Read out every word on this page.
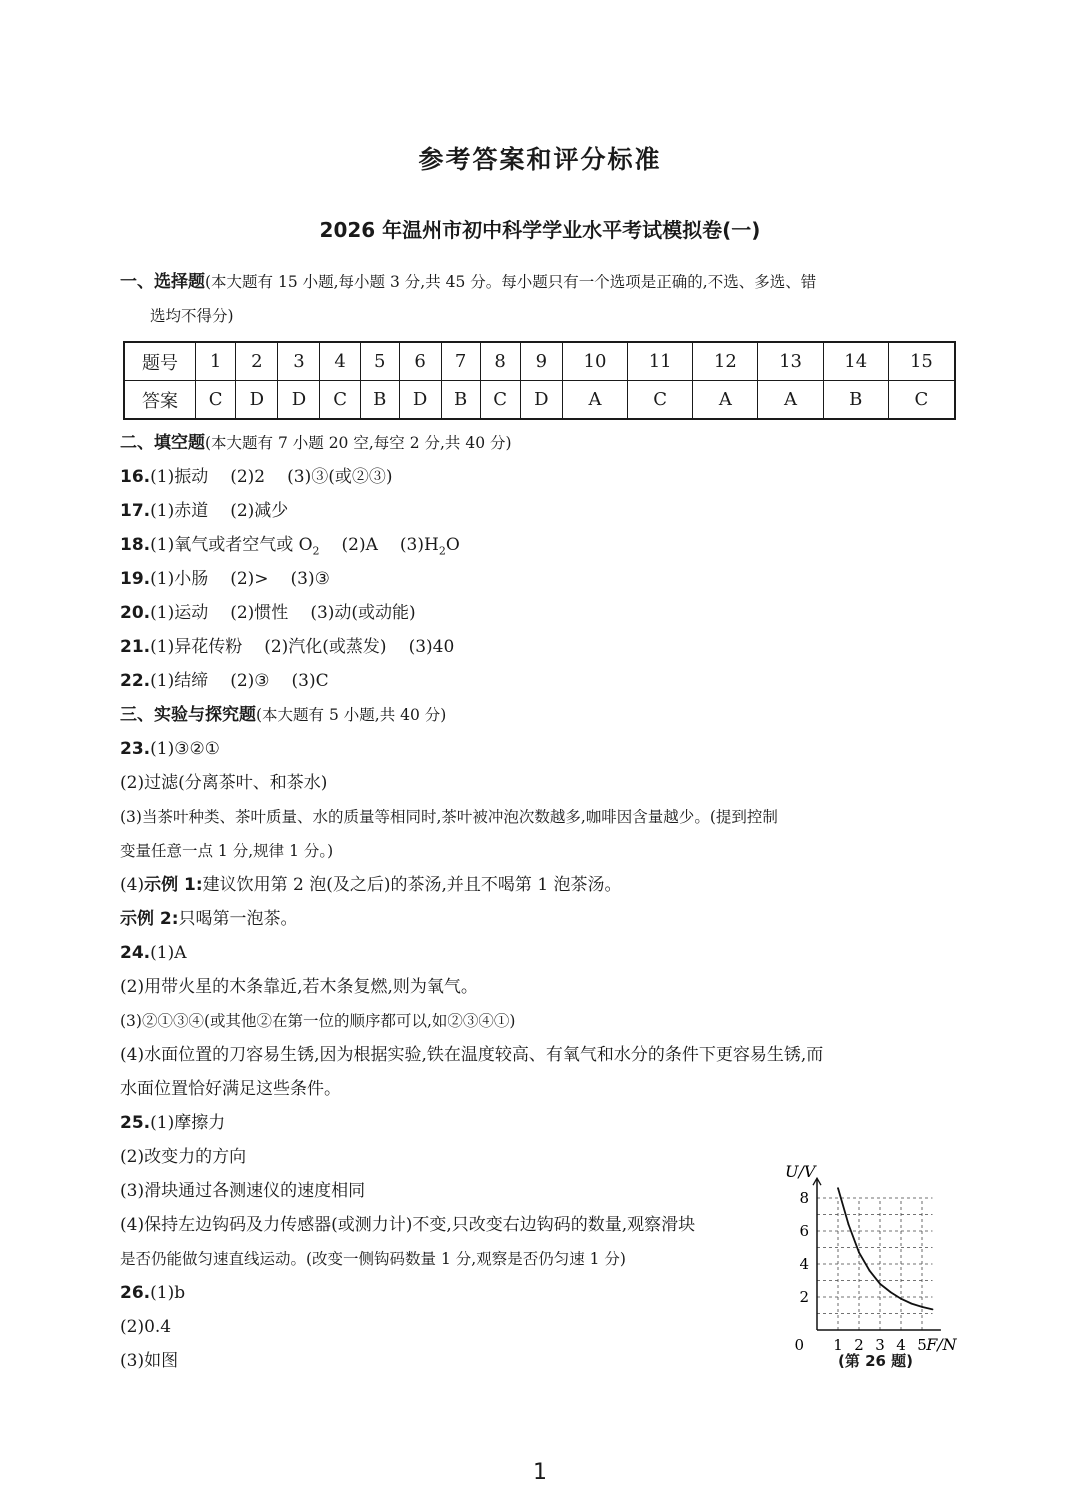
参考答案和评分标准
2026 年温州市初中科学学业水平考试模拟卷(一)
一、选择题(本大题有 15 小题,每小题 3 分,共 45 分。每小题只有一个选项是正确的,不选、多选、错
选均不得分)
题号	1	2	3	4	5	6	7	8	9	10	11	12	13	14	15
答案	C	D	D	C	B	D	B	C	D	A	C	A	A	B	C
二、填空题(本大题有 7 小题 20 空,每空 2 分,共 40 分)
16.(1)振动 (2)2 (3)③(或②③)
17.(1)赤道 (2)减少
18.(1)氧气或者空气或 $O_2$ (2)A $(3)H_2O$
19.(1)小肠 (2)> (3)③
20.(1)运动 (2)惯性 (3)动(或动能)
21.(1)异花传粉 (2)汽化(或蒸发) (3)40
22.(1)结缔 (2)③ (3)C
三、实验与探究题(本大题有 5 小题,共 40 分)
23.(1)③②①
(2)过滤(分离茶叶、和茶水)
(3)当茶叶种类、茶叶质量、水的质量等相同时,茶叶被冲泡次数越多,咖啡因含量越少。(提到控制
变量任意一点 1 分,规律 1 分。)
(4)示例 1:建议饮用第 2 泡(及之后)的茶汤,并且不喝第 1 泡茶汤。
示例 2:只喝第一泡茶。
24.(1)A
(2)用带火星的木条靠近,若木条复燃,则为氧气。
(3)②①③④(或其他②在第一位的顺序都可以,如②③④①)
(4)水面位置的刀容易生锈,因为根据实验,铁在温度较高、有氧气和水分的条件下更容易生锈,而
水面位置恰好满足这些条件。
25.(1)摩擦力
(2)改变力的方向
(3)滑块通过各测速仪的速度相同
(4)保持左边钩码及力传感器(或测力计)不变,只改变右边钩码的数量,观察滑块
是否仍能做匀速直线运动。(改变一侧钩码数量 1 分,观察是否仍匀速 1 分)
26.(1)b
(2)0.4
(3)如图
1 2 3 4 5
2
4
6
8
0
U/V
F/N
(第 26 题)
1
